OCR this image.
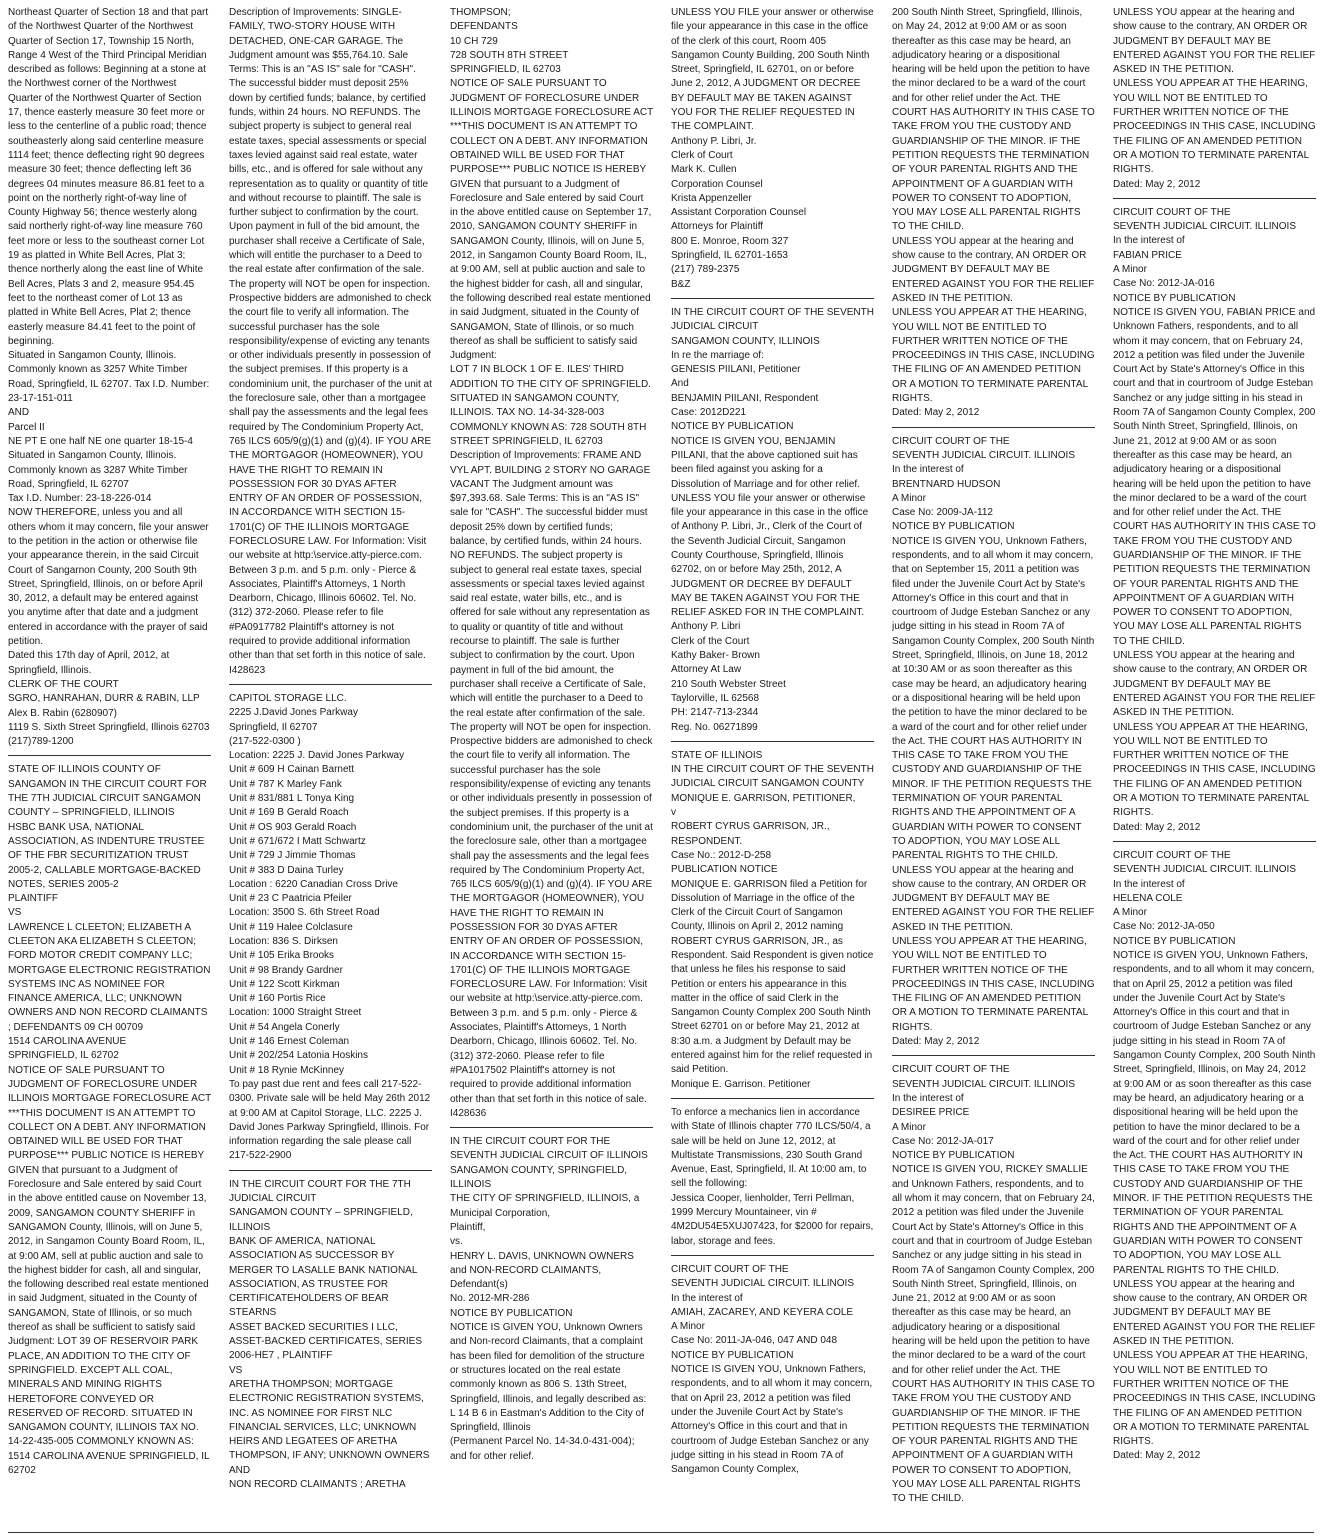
Northeast Quarter of Section 18 and that part of the Northwest Quarter of the Northwest Quarter of Section 17, Township 15 North, Range 4 West of the Third Principal Meridian described as follows: Beginning at a stone at the Northwest corner of the Northwest Quarter of the Northwest Quarter of Section 17, thence easterly measure 30 feet more or less to the centerline of a public road; thence southeasterly along said centerline measure 1114 feet; thence deflecting right 90 degrees measure 30 feet; thence deflecting left 36 degrees 04 minutes measure 86.81 feet to a point on the northerly right-of-way line of County Highway 56; thence westerly along said northerly right-of-way line measure 760 feet more or less to the southeast corner Lot 19 as platted in White Bell Acres, Plat 3; thence northerly along the east line of White Bell Acres, Plats 3 and 2, measure 954.45 feet to the northeast comer of Lot 13 as platted in White Bell Acres, Plat 2; thence easterly measure 84.41 feet to the point of beginning.

Situated in Sangamon County, Illinois.

Commonly known as 3257 White Timber Road, Springfield, IL 62707. Tax I.D. Number: 23-17-151-011

AND

Parcel II

NE PT E one half NE one quarter 18-15-4 Situated in Sangamon County, Illinois.

Commonly known as 3287 White Timber Road, Springfield, IL 62707

Tax I.D. Number: 23-18-226-014

NOW THEREFORE, unless you and all others whom it may concern, file your answer to the petition in the action or otherwise file your appearance therein, in the said Circuit Court of Sangarnon County, 200 South 9th Street, Springfield, Illinois, on or before April 30, 2012, a default may be entered against you anytime after that date and a judgment entered in accordance with the prayer of said petition.

Dated this 17th day of April, 2012, at Springfield, Illinois.

CLERK OF THE COURT

SGRO, HANRAHAN, DURR & RABIN, LLP

Alex B. Rabin (6280907)

1119 S. Sixth Street Springfield, Illinois 62703 (217)789-1200

STATE OF ILLINOIS COUNTY OF SANGAMON IN THE CIRCUIT COURT FOR THE 7TH JUDICIAL CIRCUIT SANGAMON COUNTY – SPRINGFIELD, ILLINOIS

HSBC BANK USA, NATIONAL ASSOCIATION, AS INDENTURE TRUSTEE OF THE FBR SECURITIZATION TRUST 2005-2, CALLABLE MORTGAGE-BACKED NOTES, SERIES 2005-2

PLAINTIFF

VS

LAWRENCE L CLEETON; ELIZABETH A CLEETON AKA ELIZABETH S CLEETON; FORD MOTOR CREDIT COMPANY LLC; MORTGAGE ELECTRONIC REGISTRATION SYSTEMS INC AS NOMINEE FOR FINANCE AMERICA, LLC; UNKNOWN OWNERS AND NON RECORD CLAIMANTS ; DEFENDANTS 09 CH 00709

1514 CAROLINA AVENUE

SPRINGFIELD, IL 62702

NOTICE OF SALE PURSUANT TO JUDGMENT OF FORECLOSURE UNDER ILLINOIS MORTGAGE FORECLOSURE ACT ***THIS DOCUMENT IS AN ATTEMPT TO COLLECT ON A DEBT. ANY INFORMATION OBTAINED WILL BE USED FOR THAT PURPOSE*** PUBLIC NOTICE IS HEREBY GIVEN that pursuant to a Judgment of Foreclosure and Sale entered by said Court in the above entitled cause on November 13, 2009, SANGAMON COUNTY SHERIFF in SANGAMON County, Illinois, will on June 5, 2012, in Sangamon County Board Room, IL, at 9:00 AM, sell at public auction and sale to the highest bidder for cash, all and singular, the following described real estate mentioned in said Judgment, situated in the County of SANGAMON, State of Illinois, or so much thereof as shall be sufficient to satisfy said Judgment: LOT 39 OF RESERVOIR PARK PLACE, AN ADDITION TO THE CITY OF SPRINGFIELD. EXCEPT ALL COAL, MINERALS AND MINING RIGHTS HERETOFORE CONVEYED OR RESERVED OF RECORD. SITUATED IN SANGAMON COUNTY, ILLINOIS TAX NO. 14-22-435-005 COMMONLY KNOWN AS: 1514 CAROLINA AVENUE SPRINGFIELD, IL 62702

Description of Improvements: SINGLE-FAMILY, TWO-STORY HOUSE WITH DETACHED, ONE-CAR GARAGE. The Judgment amount was $55,764.10. Sale Terms: This is an "AS IS" sale for "CASH". The successful bidder must deposit 25% down by certified funds; balance, by certified funds, within 24 hours. NO REFUNDS. The subject property is subject to general real estate taxes, special assessments or special taxes levied against said real estate, water bills, etc., and is offered for sale without any representation as to quality or quantity of title and without recourse to plaintiff. The sale is further subject to confirmation by the court. Upon payment in full of the bid amount, the purchaser shall receive a Certificate of Sale, which will entitle the purchaser to a Deed to the real estate after confirmation of the sale. The property will NOT be open for inspection. Prospective bidders are admonished to check the court file to verify all information. The successful purchaser has the sole responsibility/expense of evicting any tenants or other individuals presently in possession of the subject premises. If this property is a condominium unit, the purchaser of the unit at the foreclosure sale, other than a mortgagee shall pay the assessments and the legal fees required by The Condominium Property Act, 765 ILCS 605/9(g)(1) and (g)(4). IF YOU ARE THE MORTGAGOR (HOMEOWNER), YOU HAVE THE RIGHT TO REMAIN IN POSSESSION FOR 30 DYAS AFTER ENTRY OF AN ORDER OF POSSESSION, IN ACCORDANCE WITH SECTION 15-1701(C) OF THE ILLINOIS MORTGAGE FORECLOSURE LAW. For Information: Visit our website at http:\service.atty-pierce.com. Between 3 p.m. and 5 p.m. only - Pierce & Associates, Plaintiff's Attorneys, 1 North Dearborn, Chicago, Illinois 60602. Tel. No. (312) 372-2060. Please refer to file #PA0917782 Plaintiff's attorney is not required to provide additional information other than that set forth in this notice of sale.

I428623

CAPITOL STORAGE LLC.

2225 J.David Jones Parkway

Springfield, Il 62707

(217-522-0300 )

Location: 2225 J. David Jones Parkway

Unit # 609 H Cainan Barnett

Unit # 787 K Marley Fank

Unit # 831/881 L Tonya King

Unit # 169 B Gerald Roach

Unit # OS 903 Gerald Roach

Unit # 671/672 I Matt Schwartz

Unit # 729 J Jimmie Thomas

Unit # 383 D Daina Turley

Location : 6220 Canadian Cross Drive

Unit # 23 C Paatricia Pfeiler

Location: 3500 S. 6th Street Road

Unit # 119 Halee Colclasure

Location: 836 S. Dirksen

Unit # 105 Erika Brooks

Unit # 98 Brandy Gardner

Unit # 122 Scott Kirkman

Unit # 160 Portis Rice

Location: 1000 Straight Street

Unit # 54 Angela Conerly

Unit # 146 Ernest Coleman

Unit # 202/254 Latonia Hoskins

Unit # 18 Rynie McKinney

To pay past due rent and fees call 217-522-0300. Private sale will be held May 26th 2012 at 9:00 AM at Capitol Storage, LLC. 2225 J. David Jones Parkway Springfield, Illinois. For information regarding the sale please call 217-522-2900

IN THE CIRCUIT COURT FOR THE 7TH JUDICIAL CIRCUIT

SANGAMON COUNTY – SPRINGFIELD, ILLINOIS

BANK OF AMERICA, NATIONAL ASSOCIATION AS SUCCESSOR BY MERGER TO LASALLE BANK NATIONAL ASSOCIATION, AS TRUSTEE FOR CERTIFICATEHOLDERS OF BEAR STEARNS

ASSET BACKED SECURITIES I LLC, ASSET-BACKED CERTIFICATES, SERIES 2006-HE7 , PLAINTIFF

VS

ARETHA THOMPSON; MORTGAGE ELECTRONIC REGISTRATION SYSTEMS, INC. AS NOMINEE FOR FIRST NLC FINANCIAL SERVICES, LLC; UNKNOWN HEIRS AND LEGATEES OF ARETHA THOMPSON, IF ANY; UNKNOWN OWNERS AND

NON RECORD CLAIMANTS ; ARETHA

THOMPSON;

DEFENDANTS

10 CH 729

728 SOUTH 8TH STREET

SPRINGFIELD, IL 62703

NOTICE OF SALE PURSUANT TO JUDGMENT OF FORECLOSURE UNDER ILLINOIS MORTGAGE FORECLOSURE ACT ***THIS DOCUMENT IS AN ATTEMPT TO COLLECT ON A DEBT. ANY INFORMATION OBTAINED WILL BE USED FOR THAT PURPOSE*** PUBLIC NOTICE IS HEREBY GIVEN that pursuant to a Judgment of Foreclosure and Sale entered by said Court in the above entitled cause on September 17, 2010, SANGAMON COUNTY SHERIFF in SANGAMON County, Illinois, will on June 5, 2012, in Sangamon County Board Room, IL, at 9:00 AM, sell at public auction and sale to the highest bidder for cash, all and singular, the following described real estate mentioned in said Judgment, situated in the County of SANGAMON, State of Illinois, or so much thereof as shall be sufficient to satisfy said Judgment:

LOT 7 IN BLOCK 1 OF E. ILES' THIRD ADDITION TO THE CITY OF SPRINGFIELD. SITUATED IN SANGAMON COUNTY, ILLINOIS. TAX NO. 14-34-328-003 COMMONLY KNOWN AS: 728 SOUTH 8TH STREET SPRINGFIELD, IL 62703 Description of Improvements: FRAME AND VYL APT. BUILDING 2 STORY NO GARAGE VACANT The Judgment amount was $97,393.68. Sale Terms: This is an "AS IS" sale for "CASH". The successful bidder must deposit 25% down by certified funds; balance, by certified funds, within 24 hours. NO REFUNDS. The subject property is subject to general real estate taxes, special assessments or special taxes levied against said real estate, water bills, etc., and is offered for sale without any representation as to quality or quantity of title and without recourse to plaintiff. The sale is further subject to confirmation by the court. Upon payment in full of the bid amount, the purchaser shall receive a Certificate of Sale, which will entitle the purchaser to a Deed to the real estate after confirmation of the sale. The property will NOT be open for inspection. Prospective bidders are admonished to check the court file to verify all information. The successful purchaser has the sole responsibility/expense of evicting any tenants or other individuals presently in possession of the subject premises. If this property is a condominium unit, the purchaser of the unit at the foreclosure sale, other than a mortgagee shall pay the assessments and the legal fees required by The Condominium Property Act, 765 ILCS 605/9(g)(1) and (g)(4). IF YOU ARE THE MORTGAGOR (HOMEOWNER), YOU HAVE THE RIGHT TO REMAIN IN POSSESSION FOR 30 DYAS AFTER ENTRY OF AN ORDER OF POSSESSION, IN ACCORDANCE WITH SECTION 15-1701(C) OF THE ILLINOIS MORTGAGE FORECLOSURE LAW. For Information: Visit our website at http:\service.atty-pierce.com. Between 3 p.m. and 5 p.m. only - Pierce & Associates, Plaintiff's Attorneys, 1 North Dearborn, Chicago, Illinois 60602. Tel. No. (312) 372-2060. Please refer to file #PA1017502 Plaintiff's attorney is not required to provide additional information other than that set forth in this notice of sale.

I428636

IN THE CIRCUIT COURT FOR THE SEVENTH JUDICIAL CIRCUIT OF ILLINOIS

SANGAMON COUNTY, SPRINGFIELD, ILLINOIS

THE CITY OF SPRINGFIELD, ILLINOIS, a Municipal Corporation,

Plaintiff,

vs.

HENRY L. DAVIS, UNKNOWN OWNERS and NON-RECORD CLAIMANTS, Defendant(s)

No. 2012-MR-286

NOTICE BY PUBLICATION

NOTICE IS GIVEN YOU, Unknown Owners and Non-record Claimants, that a complaint has been filed for demolition of the structure or structures located on the real estate commonly known as 806 S. 13th Street, Springfield, Illinois, and legally described as:

L 14 B 6 in Eastman's Addition to the City of Springfield, Illinois

(Permanent Parcel No. 14-34.0-431-004); and for other relief.

UNLESS YOU FILE your answer or otherwise file your appearance in this case in the office of the clerk of this court, Room 405 Sangamon County Building, 200 South Ninth Street, Springfield, IL 62701, on or before June 2, 2012, A JUDGMENT OR DECREE BY DEFAULT MAY BE TAKEN AGAINST YOU FOR THE RELIEF REQUESTED IN THE COMPLAINT.

Anthony P. Libri, Jr.

Clerk of Court

Mark K. Cullen

Corporation Counsel

Krista Appenzeller

Assistant Corporation Counsel

Attorneys for Plaintiff

800 E. Monroe, Room 327

Springfield, IL 62701-1653

(217) 789-2375

B&Z

IN THE CIRCUIT COURT OF THE SEVENTH JUDICIAL CIRCUIT

SANGAMON COUNTY, ILLINOIS

In re the marriage of:

GENESIS PIILANI, Petitioner

And

BENJAMIN PIILANI, Respondent

Case: 2012D221

NOTICE BY PUBLICATION

NOTICE IS GIVEN YOU, BENJAMIN PIILANI, that the above captioned suit has been filed against you asking for a Dissolution of Marriage and for other relief.

UNLESS YOU file your answer or otherwise file your appearance in this case in the office of Anthony P. Libri, Jr., Clerk of the Court of the Seventh Judicial Circuit, Sangamon County Courthouse, Springfield, Illinois 62702, on or before May 25th, 2012, A JUDGMENT OR DECREE BY DEFAULT MAY BE TAKEN AGAINST YOU FOR THE RELIEF ASKED FOR IN THE COMPLAINT.

Anthony P. Libri

Clerk of the Court

Kathy Baker- Brown

Attorney At Law

210 South Webster Street

Taylorville, IL 62568

PH: 2147-713-2344

Reg. No. 06271899

STATE OF ILLINOIS

IN THE CIRCUIT COURT OF THE SEVENTH JUDICIAL CIRCUIT SANGAMON COUNTY

MONIQUE E. GARRISON, PETITIONER,

v

ROBERT CYRUS GARRISON, JR., RESPONDENT.

Case No.: 2012-D-258

PUBLICATION NOTICE

MONIQUE E. GARRISON filed a Petition for Dissolution of Marriage in the office of the Clerk of the Circuit Court of Sangamon County, Illinois on April 2, 2012 naming ROBERT CYRUS GARRISON, JR., as Respondent. Said Respondent is given notice that unless he files his response to said Petition or enters his appearance in this matter in the office of said Clerk in the Sangamon County Complex 200 South Ninth Street 62701 on or before May 21, 2012 at 8:30 a.m. a Judgment by Default may be entered against him for the relief requested in said Petition.

Monique E. Garrison. Petitioner

To enforce a mechanics lien in accordance with State of Illinois chapter 770 ILCS/50/4, a sale will be held on June 12, 2012, at Multistate Transmissions, 230 South Grand Avenue, East, Springfield, Il. At 10:00 am, to sell the following:

Jessica Cooper, lienholder, Terri Pellman, 1999 Mercury Mountaineer, vin # 4M2DU54E5XUJ07423, for $2000 for repairs, labor, storage and fees.

CIRCUIT COURT OF THE

SEVENTH JUDICIAL CIRCUIT. ILLINOIS

In the interest of

AMIAH, ZACAREY, AND KEYERA COLE

A Minor

Case No: 2011-JA-046, 047 AND 048

NOTICE BY PUBLICATION

NOTICE IS GIVEN YOU, Unknown Fathers, respondents, and to all whom it may concern, that on April 23, 2012 a petition was filed under the Juvenile Court Act by State's Attorney's Office in this court and that in courtroom of Judge Esteban Sanchez or any judge sitting in his stead in Room 7A of Sangamon County Complex,

200 South Ninth Street, Springfield, Illinois, on May 24, 2012 at 9:00 AM or as soon thereafter as this case may be heard, an adjudicatory hearing or a dispositional hearing will be held upon the petition to have the minor declared to be a ward of the court and for other relief under the Act. THE COURT HAS AUTHORITY IN THIS CASE TO TAKE FROM YOU THE CUSTODY AND GUARDIANSHIP OF THE MINOR. IF THE PETITION REQUESTS THE TERMINATION OF YOUR PARENTAL RIGHTS AND THE APPOINTMENT OF A GUARDIAN WITH POWER TO CONSENT TO ADOPTION, YOU MAY LOSE ALL PARENTAL RIGHTS TO THE CHILD.

UNLESS YOU appear at the hearing and show cause to the contrary, AN ORDER OR JUDGMENT BY DEFAULT MAY BE ENTERED AGAINST YOU FOR THE RELIEF ASKED IN THE PETITION.

UNLESS YOU APPEAR AT THE HEARING, YOU WILL NOT BE ENTITLED TO FURTHER WRITTEN NOTICE OF THE PROCEEDINGS IN THIS CASE, INCLUDING THE FILING OF AN AMENDED PETITION OR A MOTION TO TERMINATE PARENTAL RIGHTS.

Dated: May 2, 2012

CIRCUIT COURT OF THE

SEVENTH JUDICIAL CIRCUIT. ILLINOIS

In the interest of

BRENTNARD HUDSON

A Minor

Case No: 2009-JA-112

NOTICE BY PUBLICATION

NOTICE IS GIVEN YOU, Unknown Fathers, respondents, and to all whom it may concern, that on September 15, 2011 a petition was filed under the Juvenile Court Act by State's Attorney's Office in this court and that in courtroom of Judge Esteban Sanchez or any judge sitting in his stead in Room 7A of Sangamon County Complex, 200 South Ninth Street, Springfield, Illinois, on June 18, 2012 at 10:30 AM or as soon thereafter as this case may be heard, an adjudicatory hearing or a dispositional hearing will be held upon the petition to have the minor declared to be a ward of the court and for other relief under the Act. THE COURT HAS AUTHORITY IN THIS CASE TO TAKE FROM YOU THE CUSTODY AND GUARDIANSHIP OF THE MINOR. IF THE PETITION REQUESTS THE TERMINATION OF YOUR PARENTAL RIGHTS AND THE APPOINTMENT OF A GUARDIAN WITH POWER TO CONSENT TO ADOPTION, YOU MAY LOSE ALL PARENTAL RIGHTS TO THE CHILD.

UNLESS YOU appear at the hearing and show cause to the contrary, AN ORDER OR JUDGMENT BY DEFAULT MAY BE ENTERED AGAINST YOU FOR THE RELIEF ASKED IN THE PETITION.

UNLESS YOU APPEAR AT THE HEARING, YOU WILL NOT BE ENTITLED TO FURTHER WRITTEN NOTICE OF THE PROCEEDINGS IN THIS CASE, INCLUDING THE FILING OF AN AMENDED PETITION OR A MOTION TO TERMINATE PARENTAL RIGHTS.

Dated: May 2, 2012

CIRCUIT COURT OF THE

SEVENTH JUDICIAL CIRCUIT. ILLINOIS

In the interest of

DESIREE PRICE

A Minor

Case No: 2012-JA-017

NOTICE BY PUBLICATION

NOTICE IS GIVEN YOU, RICKEY SMALLIE and Unknown Fathers, respondents, and to all whom it may concern, that on February 24, 2012 a petition was filed under the Juvenile Court Act by State's Attorney's Office in this court and that in courtroom of Judge Esteban Sanchez or any judge sitting in his stead in Room 7A of Sangamon County Complex, 200 South Ninth Street, Springfield, Illinois, on June 21, 2012 at 9:00 AM or as soon thereafter as this case may be heard, an adjudicatory hearing or a dispositional hearing will be held upon the petition to have the minor declared to be a ward of the court and for other relief under the Act. THE COURT HAS AUTHORITY IN THIS CASE TO TAKE FROM YOU THE CUSTODY AND GUARDIANSHIP OF THE MINOR. IF THE PETITION REQUESTS THE TERMINATION OF YOUR PARENTAL RIGHTS AND THE APPOINTMENT OF A GUARDIAN WITH POWER TO CONSENT TO ADOPTION, YOU MAY LOSE ALL PARENTAL RIGHTS TO THE CHILD.

UNLESS YOU appear at the hearing and show cause to the contrary, AN ORDER OR JUDGMENT BY DEFAULT MAY BE ENTERED AGAINST YOU FOR THE RELIEF ASKED IN THE PETITION.

UNLESS YOU APPEAR AT THE HEARING, YOU WILL NOT BE ENTITLED TO FURTHER WRITTEN NOTICE OF THE PROCEEDINGS IN THIS CASE, INCLUDING THE FILING OF AN AMENDED PETITION OR A MOTION TO TERMINATE PARENTAL RIGHTS.

Dated: May 2, 2012

CIRCUIT COURT OF THE

SEVENTH JUDICIAL CIRCUIT. ILLINOIS

In the interest of

FABIAN PRICE

A Minor

Case No: 2012-JA-016

NOTICE BY PUBLICATION

NOTICE IS GIVEN YOU, FABIAN PRICE and Unknown Fathers, respondents, and to all whom it may concern, that on February 24, 2012 a petition was filed under the Juvenile Court Act by State's Attorney's Office in this court and that in courtroom of Judge Esteban Sanchez or any judge sitting in his stead in Room 7A of Sangamon County Complex, 200 South Ninth Street, Springfield, Illinois, on June 21, 2012 at 9:00 AM or as soon thereafter as this case may be heard, an adjudicatory hearing or a dispositional hearing will be held upon the petition to have the minor declared to be a ward of the court and for other relief under the Act. THE COURT HAS AUTHORITY IN THIS CASE TO TAKE FROM YOU THE CUSTODY AND GUARDIANSHIP OF THE MINOR. IF THE PETITION REQUESTS THE TERMINATION OF YOUR PARENTAL RIGHTS AND THE APPOINTMENT OF A GUARDIAN WITH POWER TO CONSENT TO ADOPTION, YOU MAY LOSE ALL PARENTAL RIGHTS TO THE CHILD.

UNLESS YOU appear at the hearing and show cause to the contrary, AN ORDER OR JUDGMENT BY DEFAULT MAY BE ENTERED AGAINST YOU FOR THE RELIEF ASKED IN THE PETITION.

UNLESS YOU APPEAR AT THE HEARING, YOU WILL NOT BE ENTITLED TO FURTHER WRITTEN NOTICE OF THE PROCEEDINGS IN THIS CASE, INCLUDING THE FILING OF AN AMENDED PETITION OR A MOTION TO TERMINATE PARENTAL RIGHTS.

Dated: May 2, 2012

CIRCUIT COURT OF THE

SEVENTH JUDICIAL CIRCUIT. ILLINOIS

In the interest of

HELENA COLE

A Minor

Case No: 2012-JA-050

NOTICE BY PUBLICATION

NOTICE IS GIVEN YOU, Unknown Fathers, respondents, and to all whom it may concern, that on April 25, 2012 a petition was filed under the Juvenile Court Act by State's Attorney's Office in this court and that in courtroom of Judge Esteban Sanchez or any judge sitting in his stead in Room 7A of Sangamon County Complex, 200 South Ninth Street, Springfield, Illinois, on May 24, 2012 at 9:00 AM or as soon thereafter as this case may be heard, an adjudicatory hearing or a dispositional hearing will be held upon the petition to have the minor declared to be a ward of the court and for other relief under the Act. THE COURT HAS AUTHORITY IN THIS CASE TO TAKE FROM YOU THE CUSTODY AND GUARDIANSHIP OF THE MINOR. IF THE PETITION REQUESTS THE TERMINATION OF YOUR PARENTAL RIGHTS AND THE APPOINTMENT OF A GUARDIAN WITH POWER TO CONSENT TO ADOPTION, YOU MAY LOSE ALL PARENTAL RIGHTS TO THE CHILD.

UNLESS YOU appear at the hearing and show cause to the contrary, AN ORDER OR JUDGMENT BY DEFAULT MAY BE ENTERED AGAINST YOU FOR THE RELIEF ASKED IN THE PETITION.

UNLESS YOU APPEAR AT THE HEARING, YOU WILL NOT BE ENTITLED TO FURTHER WRITTEN NOTICE OF THE PROCEEDINGS IN THIS CASE, INCLUDING THE FILING OF AN AMENDED PETITION OR A MOTION TO TERMINATE PARENTAL RIGHTS.

Dated: May 2, 2012
